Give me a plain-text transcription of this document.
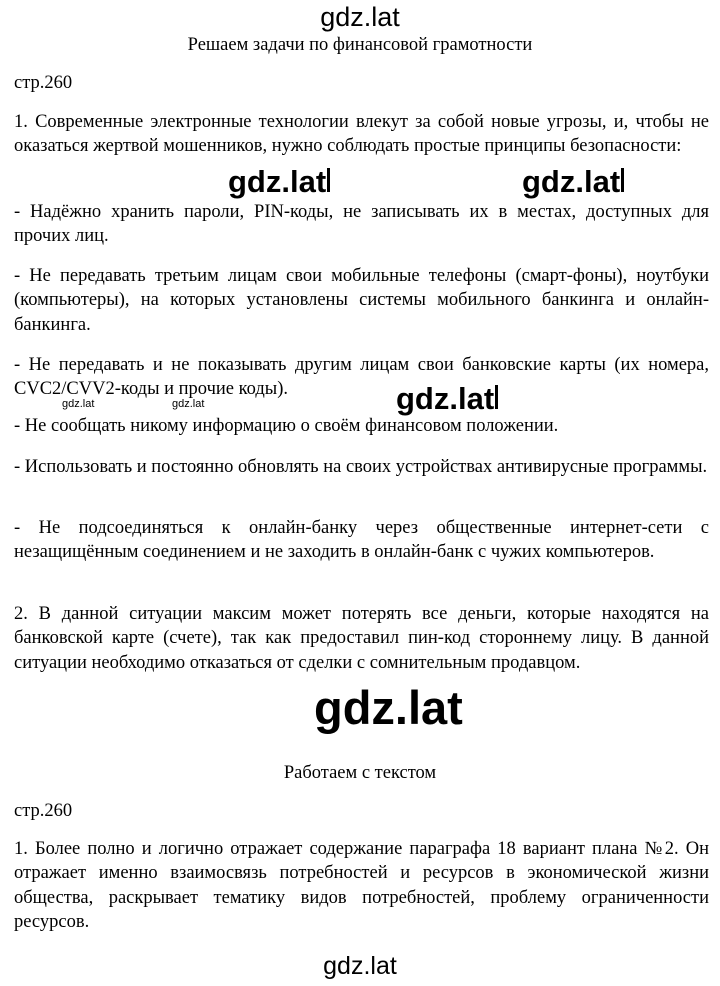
gdz.lat
Решаем задачи по финансовой грамотности
стр.260

1. Современные электронные технологии влекут за собой новые угрозы, и, чтобы не оказаться жертвой мошенников, нужно соблюдать простые принципы безопасности:

- Надёжно хранить пароли, PIN-коды, не записывать их в местах, доступных для прочих лиц.

- Не передавать третьим лицам свои мобильные телефоны (смарт-фоны), ноутбуки (компьютеры), на которых установлены системы мобильного банкинга и онлайн-банкинга.

- Не передавать и не показывать другим лицам свои банковские карты (их номера, CVC2/CVV2-коды и прочие коды).

- Не сообщать никому информацию о своём финансовом положении.

- Использовать и постоянно обновлять на своих устройствах антивирусные программы.

- Не подсоединяться к онлайн-банку через общественные интернет-сети с незащищённым соединением и не заходить в онлайн-банк с чужих компьютеров.

2. В данной ситуации максим может потерять все деньги, которые находятся на банковской карте (счете), так как предоставил пин-код стороннему лицу. В данной ситуации необходимо отказаться от сделки с сомнительным продавцом.

Работаем с текстом
стр.260

1. Более полно и логично отражает содержание параграфа 18 вариант плана №2. Он отражает именно взаимосвязь потребностей и ресурсов в экономической жизни общества, раскрывает тематику видов потребностей, проблему ограниченности ресурсов.

gdz.lat
gdz.lat	gdz.lat
gdz.lat
gdz.lat	gdz.lat
gdz.lat
